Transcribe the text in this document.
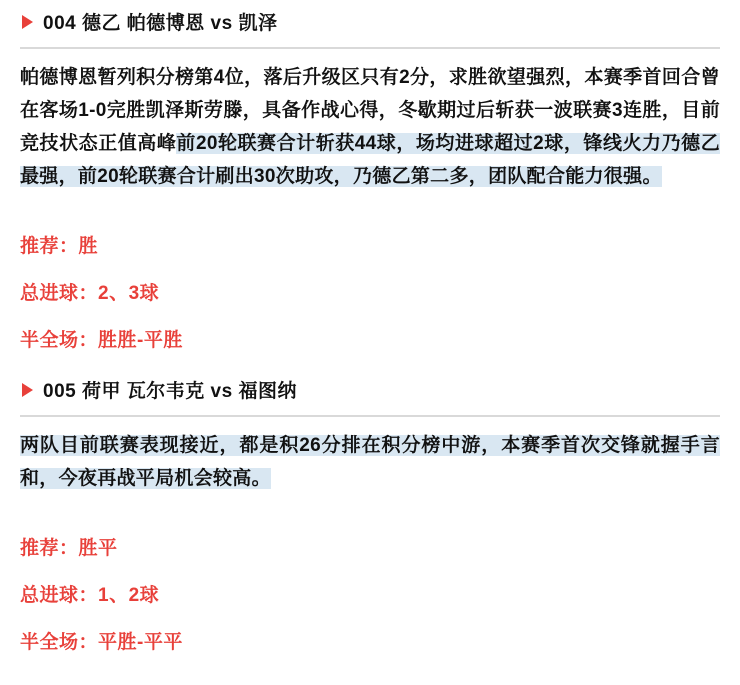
004 德乙 帕德博恩 vs 凯泽

帕德博恩暂列积分榜第4位，落后升级区只有2分，求胜欲望强烈，本赛季首回合曾在客场1-0完胜凯泽斯劳滕，具备作战心得，冬歇期过后斩获一波联赛3连胜，目前竞技状态正值高峰前20轮联赛合计斩获44球，场均进球超过2球，锋线火力乃德乙最强，前20轮联赛合计刷出30次助攻，乃德乙第二多，团队配合能力很强。

推荐：胜

总进球：2、3球

半全场：胜胜-平胜

005 荷甲 瓦尔韦克 vs 福图纳

两队目前联赛表现接近，都是积26分排在积分榜中游，本赛季首次交锋就握手言和，今夜再战平局机会较高。

推荐：胜平

总进球：1、2球

半全场：平胜-平平
